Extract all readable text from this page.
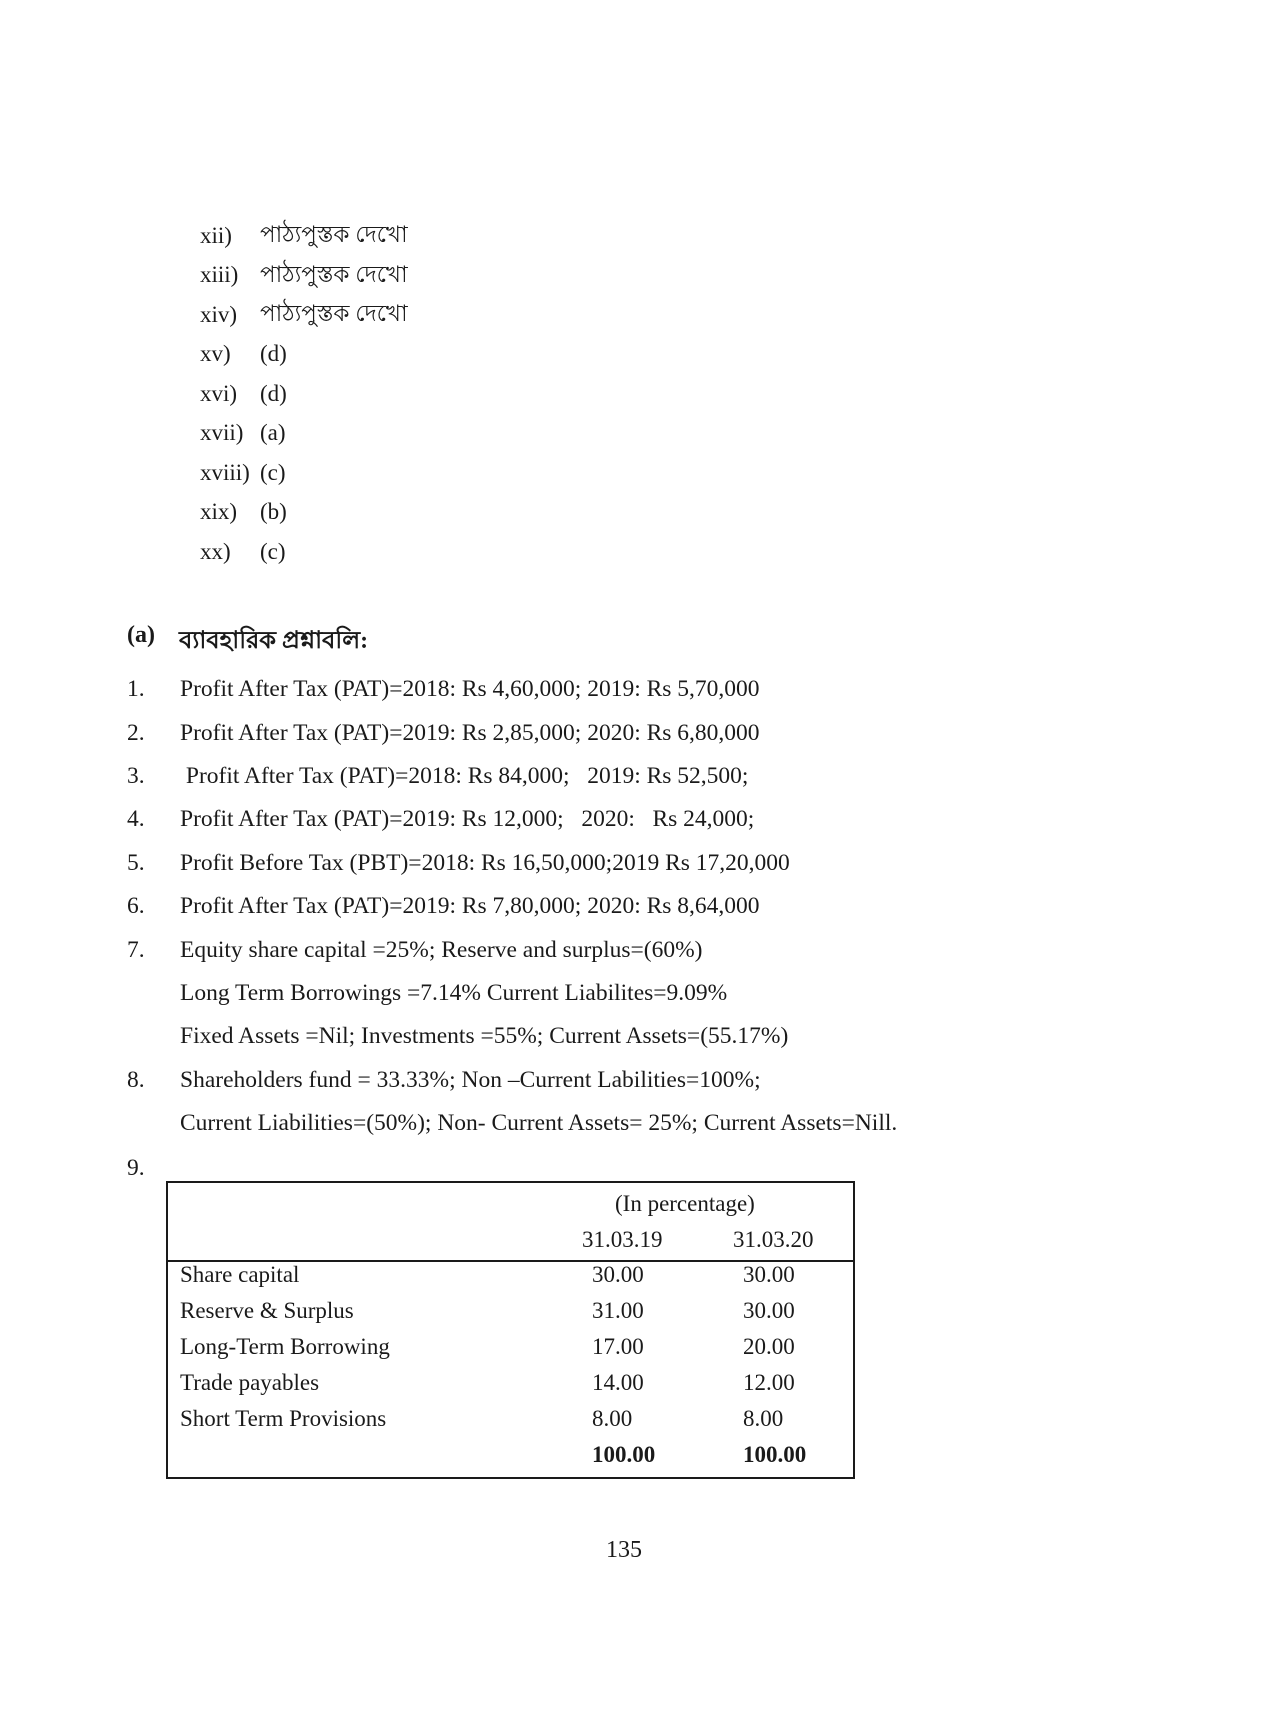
xii)	পাঠ্যপুস্তক দেখো
xiii) পাঠ্যপুস্তক দেখো
xiv) পাঠ্যপুস্তক দেখো
xv)	(d)
xvi) (d)
xvii) (a)
xviii) (c)
xix) (b)
xx)	(c)
(a)	ব্যাবহারিক প্রশ্নাবলি:
1.	Profit After Tax (PAT)=2018: Rs 4,60,000; 2019: Rs 5,70,000
2.	Profit After Tax (PAT)=2019: Rs 2,85,000; 2020: Rs 6,80,000
3.	Profit After Tax (PAT)=2018: Rs 84,000;   2019: Rs 52,500;
4.	Profit After Tax (PAT)=2019: Rs 12,000;   2020:   Rs 24,000;
5.	Profit Before Tax (PBT)=2018: Rs 16,50,000;2019 Rs 17,20,000
6.	Profit After Tax (PAT)=2019: Rs 7,80,000; 2020: Rs 8,64,000
7.	Equity share capital =25%; Reserve and surplus=(60%)
Long Term Borrowings =7.14% Current Liabilites=9.09%
Fixed Assets =Nil; Investments =55%; Current Assets=(55.17%)
8.	Shareholders fund = 33.33%; Non –Current Labilities=100%;
Current Liabilities=(50%); Non- Current Assets= 25%; Current Assets=Nill.
9.
(In percentage)
31.03.19	31.03.20
Share capital	30.00	30.00
Reserve & Surplus	31.00	30.00
Long-Term Borrowing	17.00	20.00
Trade payables	14.00	12.00
Short Term Provisions	8.00	8.00
100.00	100.00
135
